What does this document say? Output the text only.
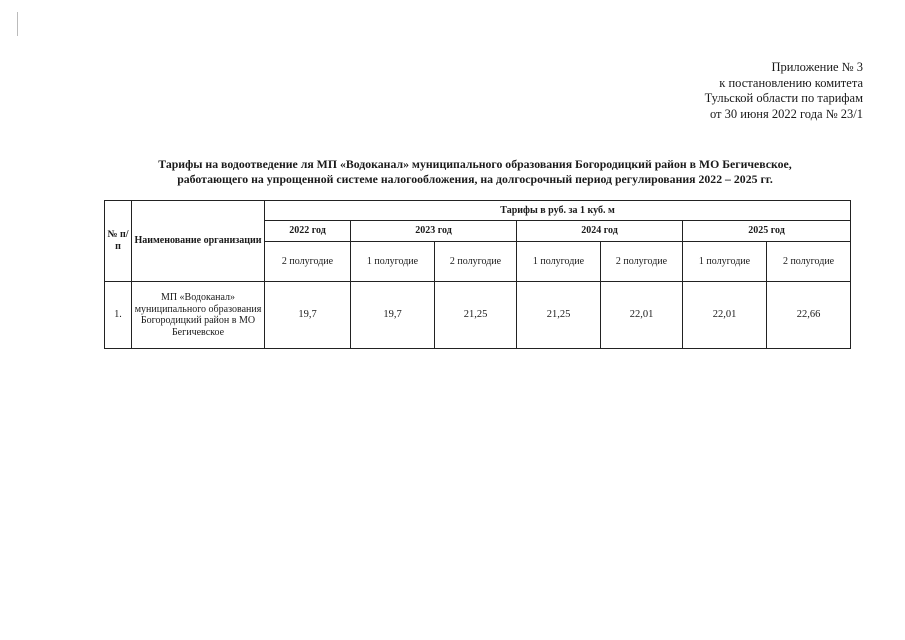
Приложение № 3
к постановлению комитета
Тульской области по тарифам
от 30 июня 2022 года № 23/1
Тарифы на водоотведение ля МП «Водоканал» муниципального образования Богородицкий район в МО Бегичевское,
работающего на упрощенной системе налогообложения, на долгосрочный период регулирования 2022 – 2025 гг.
№ п/п	Наименование организации	Тарифы в руб. за 1 куб. м						
		2022 год	2023 год		2024 год		2025 год	
		2 полугодие	1 полугодие	2 полугодие	1 полугодие	2 полугодие	1 полугодие	2 полугодие
1.	МП «Водоканал» муниципального образования Богородицкий район в МО Бегичевское	19,7	19,7	21,25	21,25	22,01	22,01	22,66
